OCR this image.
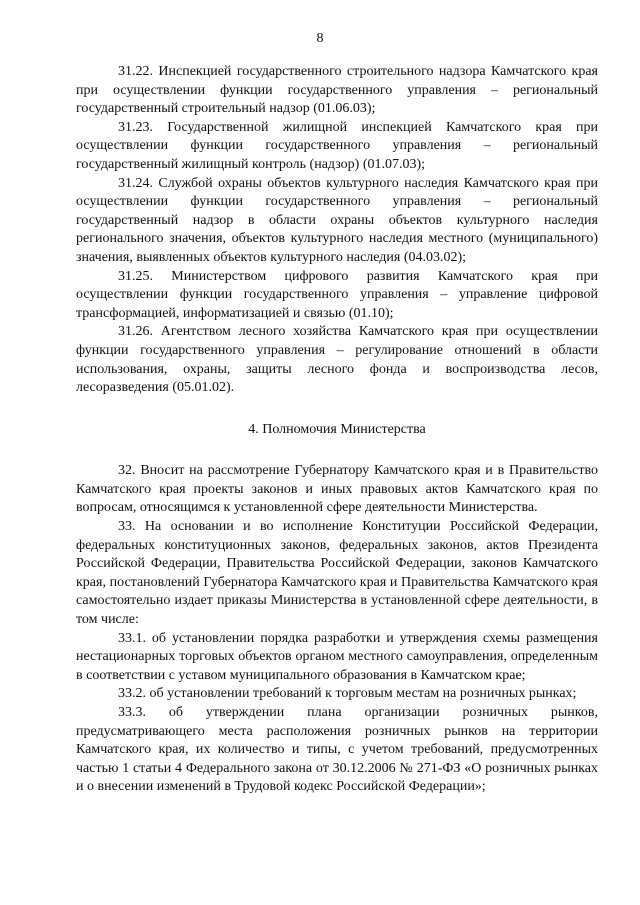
8

31.22. Инспекцией государственного строительного надзора Камчатского края при осуществлении функции государственного управления – региональный государственный строительный надзор (01.06.03);

31.23. Государственной жилищной инспекцией Камчатского края при осуществлении функции государственного управления – региональный государственный жилищный контроль (надзор) (01.07.03);

31.24. Службой охраны объектов культурного наследия Камчатского края при осуществлении функции государственного управления – региональный государственный надзор в области охраны объектов культурного наследия регионального значения, объектов культурного наследия местного (муниципального) значения, выявленных объектов культурного наследия (04.03.02);

31.25. Министерством цифрового развития Камчатского края при осуществлении функции государственного управления – управление цифровой трансформацией, информатизацией и связью (01.10);

31.26. Агентством лесного хозяйства Камчатского края при осуществлении функции государственного управления – регулирование отношений в области использования, охраны, защиты лесного фонда и воспроизводства лесов, лесоразведения (05.01.02).

4. Полномочия Министерства

32. Вносит на рассмотрение Губернатору Камчатского края и в Правительство Камчатского края проекты законов и иных правовых актов Камчатского края по вопросам, относящимся к установленной сфере деятельности Министерства.

33. На основании и во исполнение Конституции Российской Федерации, федеральных конституционных законов, федеральных законов, актов Президента Российской Федерации, Правительства Российской Федерации, законов Камчатского края, постановлений Губернатора Камчатского края и Правительства Камчатского края самостоятельно издает приказы Министерства в установленной сфере деятельности, в том числе:

33.1. об установлении порядка разработки и утверждения схемы размещения нестационарных торговых объектов органом местного самоуправления, определенным в соответствии с уставом муниципального образования в Камчатском крае;

33.2. об установлении требований к торговым местам на розничных рынках;

33.3. об утверждении плана организации розничных рынков, предусматривающего места расположения розничных рынков на территории Камчатского края, их количество и типы, с учетом требований, предусмотренных частью 1 статьи 4 Федерального закона от 30.12.2006 № 271-ФЗ «О розничных рынках и о внесении изменений в Трудовой кодекс Российской Федерации»;
